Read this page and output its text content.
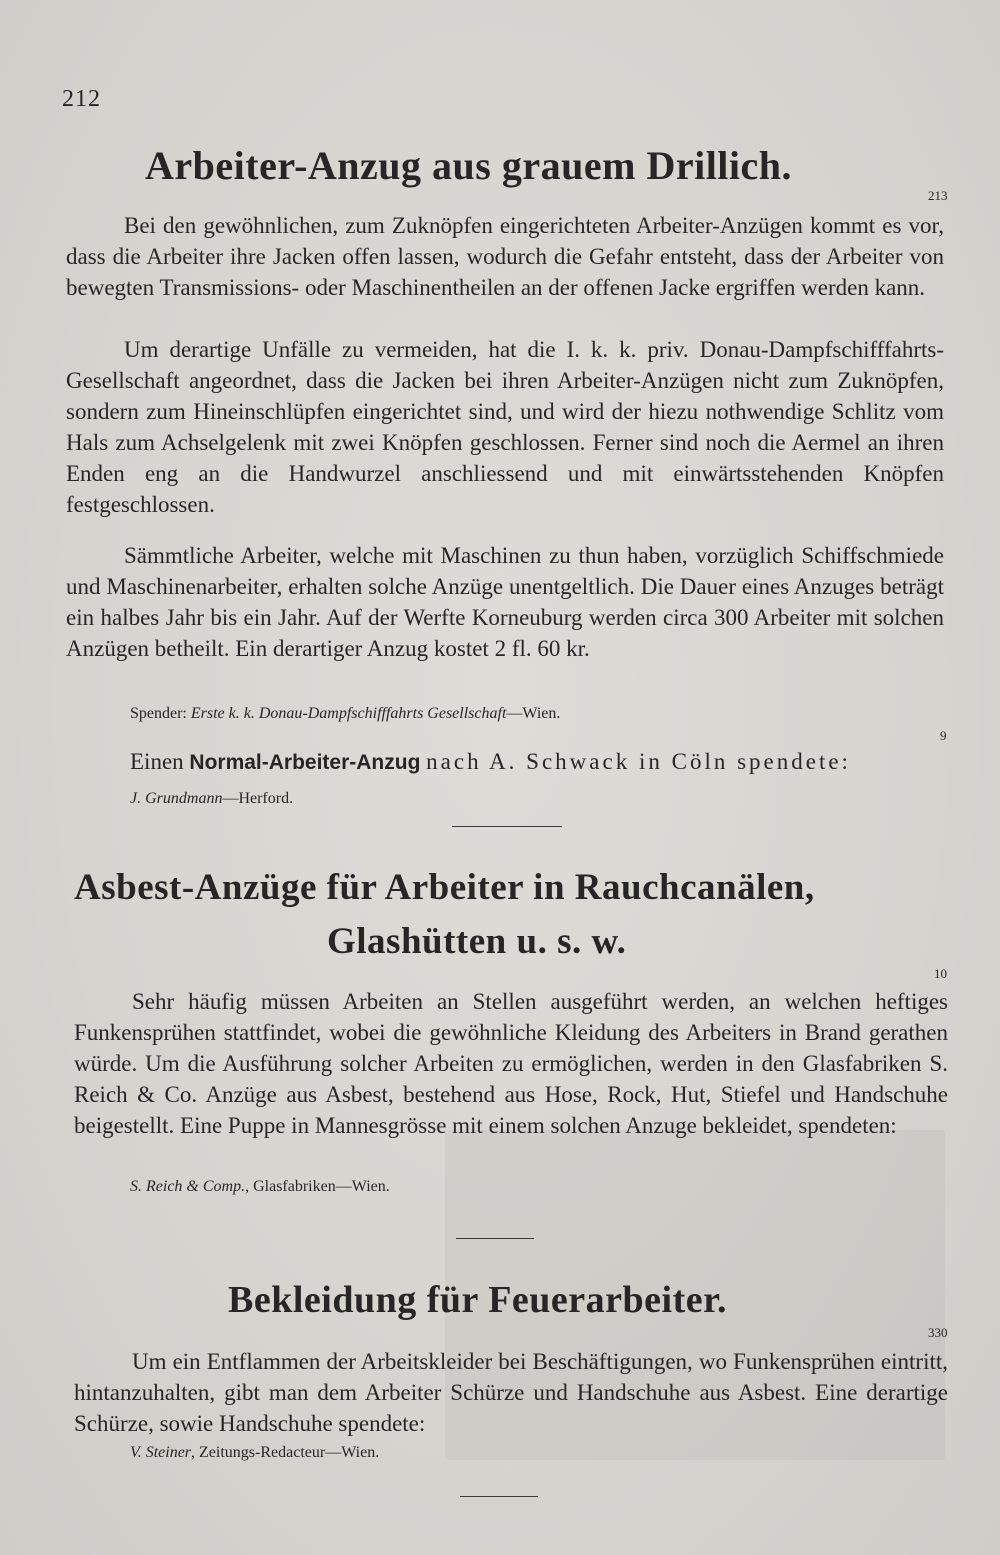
212
Arbeiter-Anzug aus grauem Drillich.
213

Bei den gewöhnlichen, zum Zuknöpfen eingerichteten Arbeiter-Anzügen kommt es vor, dass die Arbeiter ihre Jacken offen lassen, wodurch die Gefahr entsteht, dass der Arbeiter von bewegten Transmissions- oder Maschinentheilen an der offenen Jacke ergriffen werden kann.

Um derartige Unfälle zu vermeiden, hat die I. k. k. priv. Donau-Dampfschifffahrts-Gesellschaft angeordnet, dass die Jacken bei ihren Arbeiter-Anzügen nicht zum Zuknöpfen, sondern zum Hineinschlüpfen eingerichtet sind, und wird der hiezu nothwendige Schlitz vom Hals zum Achselgelenk mit zwei Knöpfen geschlossen. Ferner sind noch die Aermel an ihren Enden eng an die Handwurzel anschliessend und mit einwärtsstehenden Knöpfen festgeschlossen.

Sämmtliche Arbeiter, welche mit Maschinen zu thun haben, vorzüglich Schiffschmiede und Maschinenarbeiter, erhalten solche Anzüge unentgeltlich. Die Dauer eines Anzuges beträgt ein halbes Jahr bis ein Jahr. Auf der Werfte Korneuburg werden circa 300 Arbeiter mit solchen Anzügen betheilt. Ein derartiger Anzug kostet 2 fl. 60 kr.

Spender: Erste k. k. Donau-Dampfschifffahrts Gesellschaft—Wien.

9

Einen Normal-Arbeiter-Anzug nach A. Schwack in Cöln spendete:

J. Grundmann—Herford.

Asbest-Anzüge für Arbeiter in Rauchcanälen,
Glashütten u. s. w.
10

Sehr häufig müssen Arbeiten an Stellen ausgeführt werden, an welchen heftiges Funkensprühen stattfindet, wobei die gewöhnliche Kleidung des Arbeiters in Brand gerathen würde. Um die Ausführung solcher Arbeiten zu ermöglichen, werden in den Glasfabriken S. Reich & Co. Anzüge aus Asbest, bestehend aus Hose, Rock, Hut, Stiefel und Handschuhe beigestellt. Eine Puppe in Mannesgrösse mit einem solchen Anzuge bekleidet, spendeten:

S. Reich & Comp., Glasfabriken—Wien.

Bekleidung für Feuerarbeiter.
330

Um ein Entflammen der Arbeitskleider bei Beschäftigungen, wo Funkensprühen eintritt, hintanzuhalten, gibt man dem Arbeiter Schürze und Handschuhe aus Asbest. Eine derartige Schürze, sowie Handschuhe spendete:

V. Steiner, Zeitungs-Redacteur—Wien.
